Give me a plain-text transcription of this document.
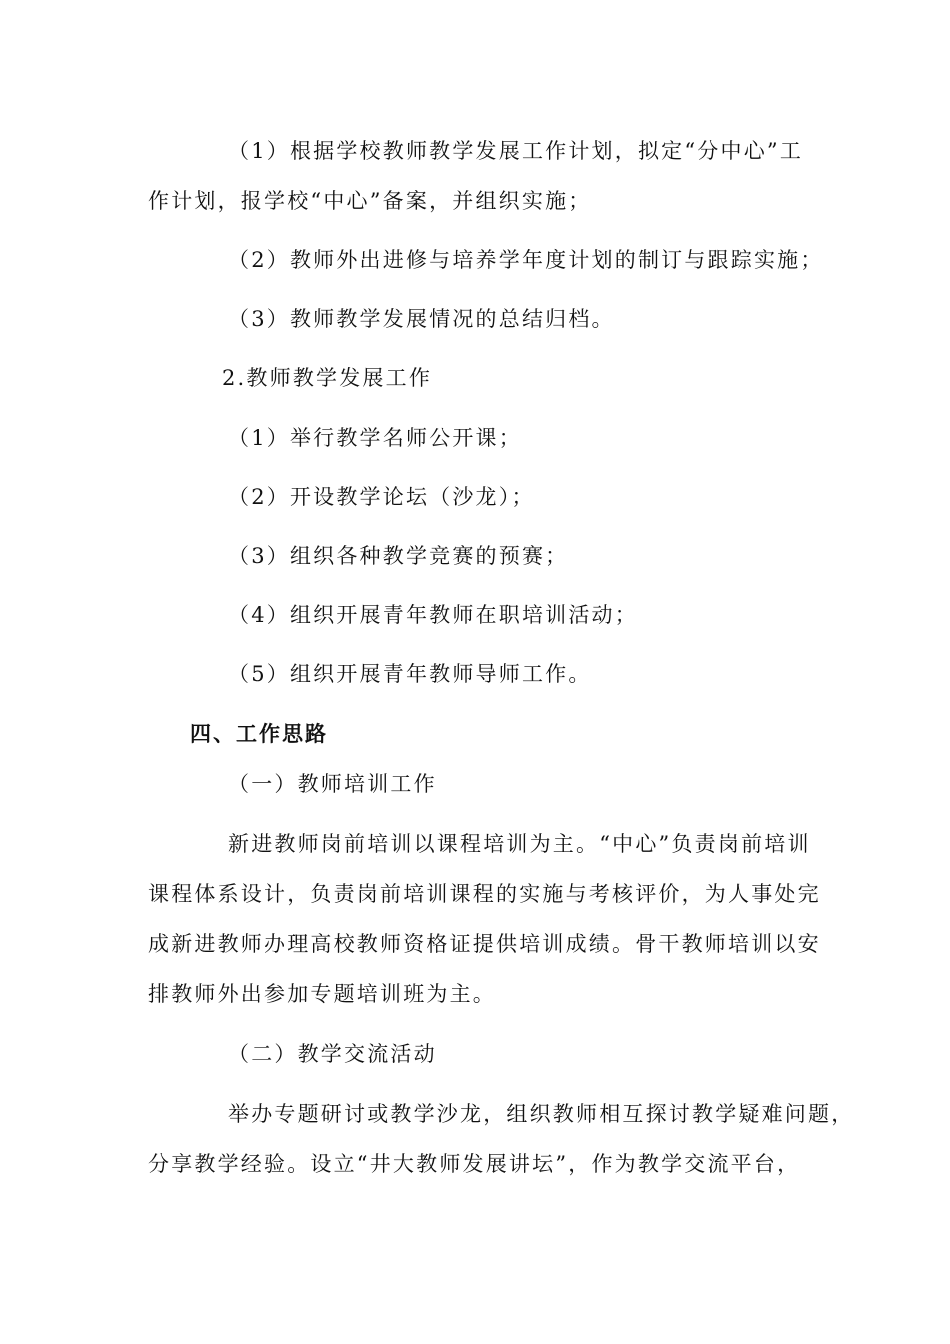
（1）根据学校教师教学发展工作计划，拟定“分中心”工
作计划，报学校“中心”备案，并组织实施；
（2）教师外出进修与培养学年度计划的制订与跟踪实施；
（3）教师教学发展情况的总结归档。
2.教师教学发展工作
（1）举行教学名师公开课；
（2）开设教学论坛（沙龙）；
（3）组织各种教学竞赛的预赛；
（4）组织开展青年教师在职培训活动；
（5）组织开展青年教师导师工作。
四、工作思路
（一）教师培训工作
新进教师岗前培训以课程培训为主。“中心”负责岗前培训
课程体系设计，负责岗前培训课程的实施与考核评价，为人事处完
成新进教师办理高校教师资格证提供培训成绩。骨干教师培训以安
排教师外出参加专题培训班为主。
（二）教学交流活动
举办专题研讨或教学沙龙，组织教师相互探讨教学疑难问题，
分享教学经验。设立“井大教师发展讲坛”，作为教学交流平台，
